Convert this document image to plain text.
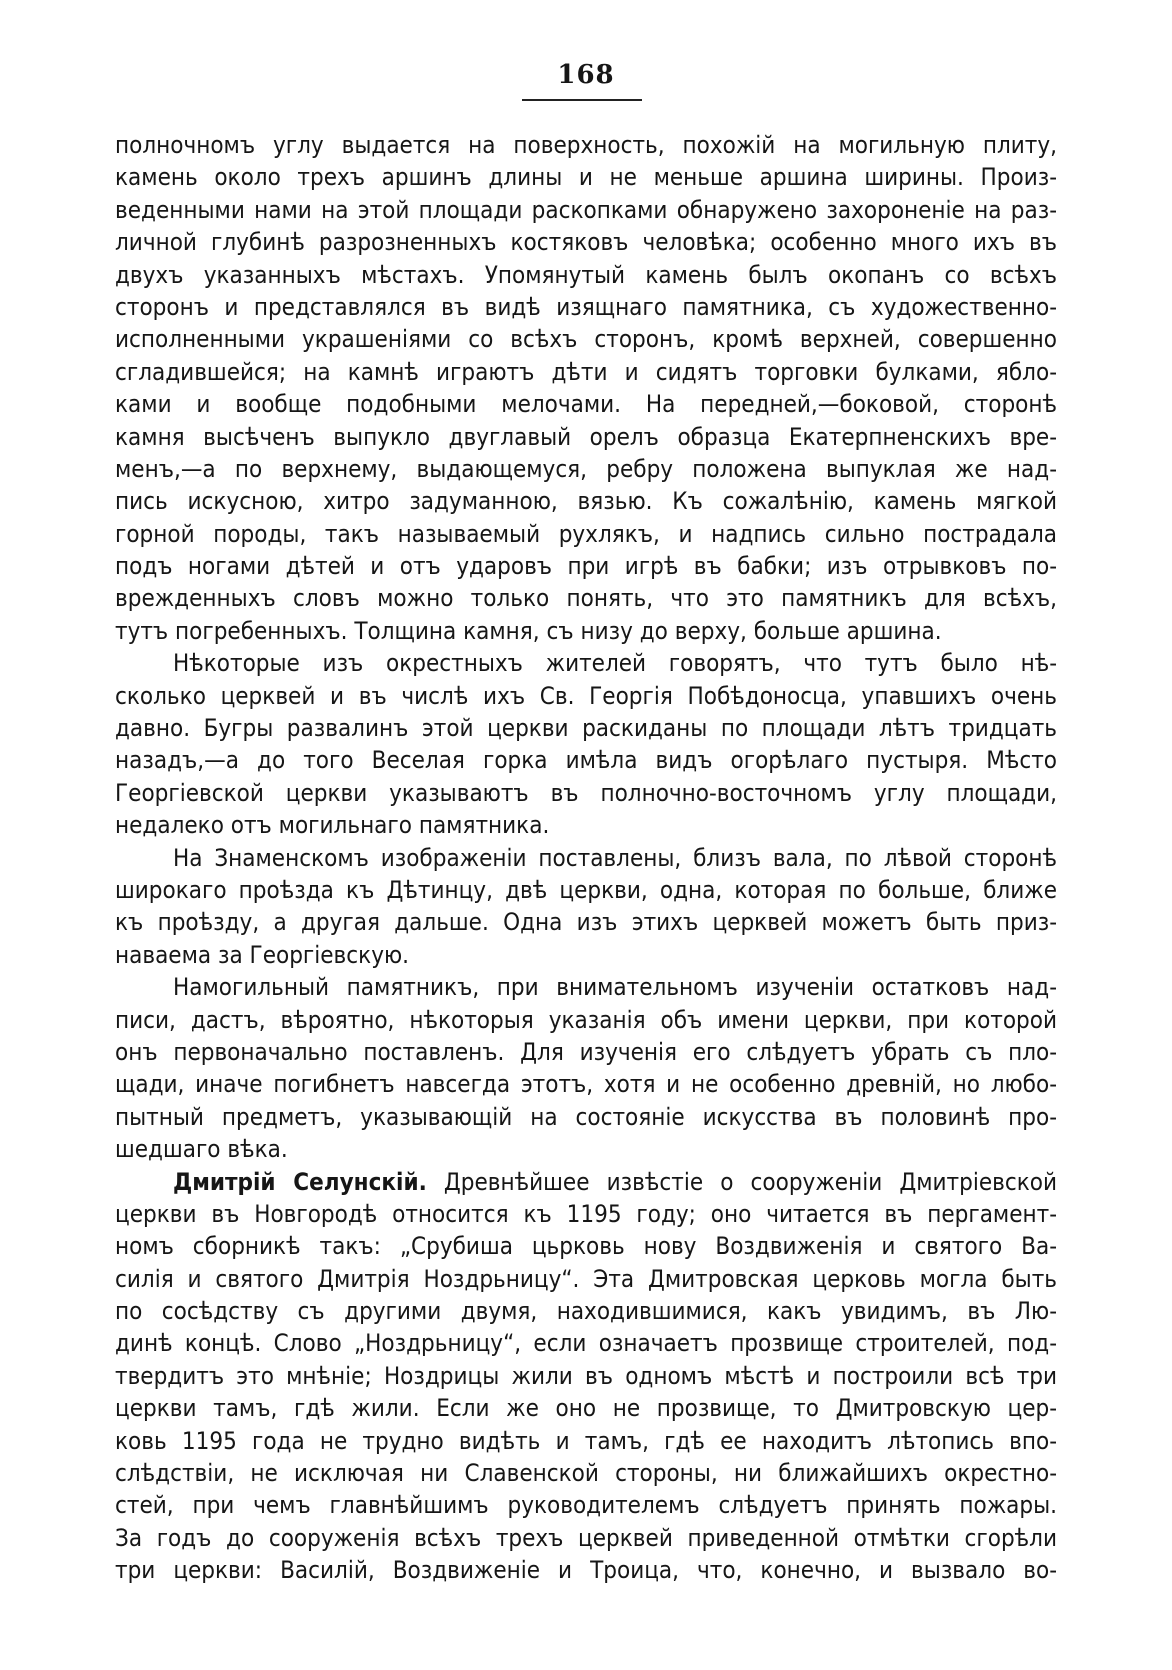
168
полночномъ углу выдается на поверхность, похожій на могильную плиту,
камень около трехъ аршинъ длины и не меньше аршина ширины. Произ-
веденными нами на этой площади раскопками обнаружено захороненіе на раз-
личной глубинѣ разрозненныхъ костяковъ человѣка; особенно много ихъ въ
двухъ указанныхъ мѣстахъ. Упомянутый камень былъ окопанъ со всѣхъ
сторонъ и представлялся въ видѣ изящнаго памятника, съ художественно-
исполненными украшеніями со всѣхъ сторонъ, кромѣ верхней, совершенно
сгладившейся; на камнѣ играютъ дѣти и сидятъ торговки булками, ябло-
ками и вообще подобными мелочами. На передней,—боковой, сторонѣ
камня высѣченъ выпукло двуглавый орелъ образца Екатерпненскихъ вре-
менъ,—а по верхнему, выдающемуся, ребру положена выпуклая же над-
пись искусною, хитро задуманною, вязью. Къ сожалѣнію, камень мягкой
горной породы, такъ называемый рухлякъ, и надпись сильно пострадала
подъ ногами дѣтей и отъ ударовъ при игрѣ въ бабки; изъ отрывковъ по-
врежденныхъ словъ можно только понять, что это памятникъ для всѣхъ,
тутъ погребенныхъ. Толщина камня, съ низу до верху, больше аршина.
Нѣкоторые изъ окрестныхъ жителей говорятъ, что тутъ было нѣ-
сколько церквей и въ числѣ ихъ Св. Георгія Побѣдоносца, упавшихъ очень
давно. Бугры развалинъ этой церкви раскиданы по площади лѣтъ тридцать
назадъ,—а до того Веселая горка имѣла видъ огорѣлаго пустыря. Мѣсто
Георгіевской церкви указываютъ въ полночно-восточномъ углу площади,
недалеко отъ могильнаго памятника.
На Знаменскомъ изображеніи поставлены, близъ вала, по лѣвой сторонѣ
широкаго проѣзда къ Дѣтинцу, двѣ церкви, одна, которая по больше, ближе
къ проѣзду, а другая дальше. Одна изъ этихъ церквей можетъ быть приз-
наваема за Георгіевскую.
Намогильный памятникъ, при внимательномъ изученіи остатковъ над-
писи, дастъ, вѣроятно, нѣкоторыя указанія объ имени церкви, при которой
онъ первоначально поставленъ. Для изученія его слѣдуетъ убрать съ пло-
щади, иначе погибнетъ навсегда этотъ, хотя и не особенно древній, но любо-
пытный предметъ, указывающій на состояніе искусства въ половинѣ про-
шедшаго вѣка.
Дмитрій Селунскій. Древнѣйшее извѣстіе о сооруженіи Дмитріевской
церкви въ Новгородѣ относится къ 1195 году; оно читается въ пергамент-
номъ сборникѣ такъ: „Срубиша цьрковь нову Воздвиженія и святого Ва-
силія и святого Дмитрія Ноздрьницу“. Эта Дмитровская церковь могла быть
по сосѣдству съ другими двумя, находившимися, какъ увидимъ, въ Лю-
динѣ концѣ. Слово „Ноздрьницу“, если означаетъ прозвище строителей, под-
твердитъ это мнѣніе; Ноздрицы жили въ одномъ мѣстѣ и построили всѣ три
церкви тамъ, гдѣ жили. Если же оно не прозвище, то Дмитровскую цер-
ковь 1195 года не трудно видѣть и тамъ, гдѣ ее находитъ лѣтопись впо-
слѣдствіи, не исключая ни Славенской стороны, ни ближайшихъ окрестно-
стей, при чемъ главнѣйшимъ руководителемъ слѣдуетъ принять пожары.
За годъ до сооруженія всѣхъ трехъ церквей приведенной отмѣтки сгорѣли
три церкви: Василій, Воздвиженіе и Троица, что, конечно, и вызвало во-
